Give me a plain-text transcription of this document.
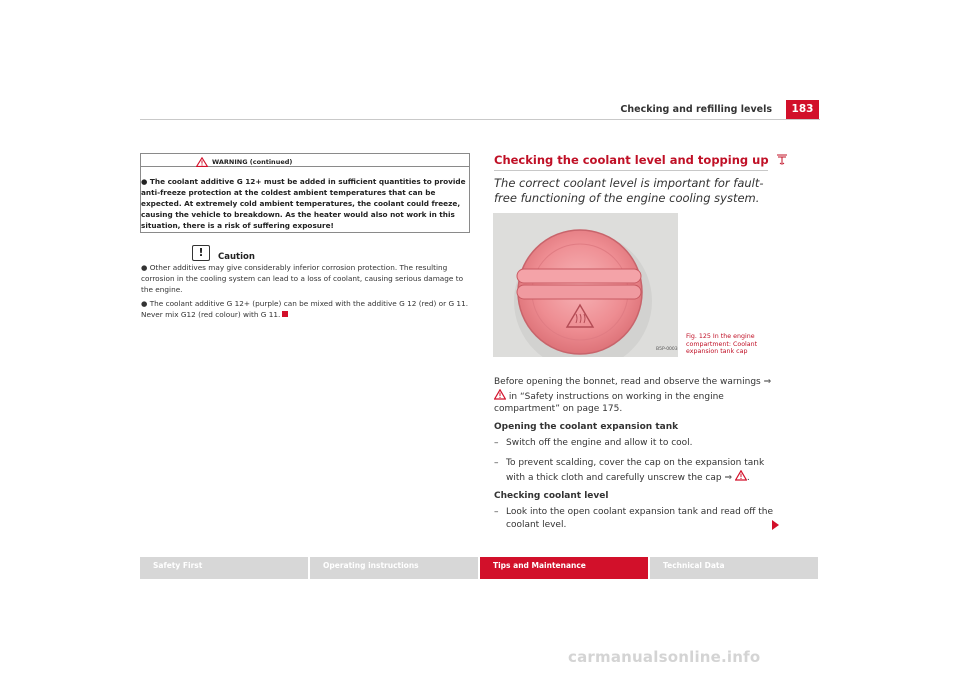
Checking and refilling levels	183
WARNING (continued)
● The coolant additive G 12+ must be added in sufficient quantities to provide anti-freeze protection at the coldest ambient temperatures that can be expected. At extremely cold ambient temperatures, the coolant could freeze, causing the vehicle to breakdown. As the heater would also not work in this situation, there is a risk of suffering exposure!
!	Caution
● Other additives may give considerably inferior corrosion protection. The resulting corrosion in the cooling system can lead to a loss of coolant, causing serious damage to the engine.
● The coolant additive G 12+ (purple) can be mixed with the additive G 12 (red) or G 11. Never mix G12 (red colour) with G 11.
Checking the coolant level and topping up
The correct coolant level is important for fault-free functioning of the engine cooling system.
B5P-0003
Fig. 125 In the engine compartment: Coolant expansion tank cap
Before opening the bonnet, read and observe the warnings ⇒  in “Safety instructions on working in the engine compartment” on page 175.
Opening the coolant expansion tank
– Switch off the engine and allow it to cool.
– To prevent scalding, cover the cap on the expansion tank with a thick cloth and carefully unscrew the cap ⇒ .
Checking coolant level
– Look into the open coolant expansion tank and read off the coolant level.
Safety First	Operating instructions	Tips and Maintenance	Technical Data
carmanualsonline.info
